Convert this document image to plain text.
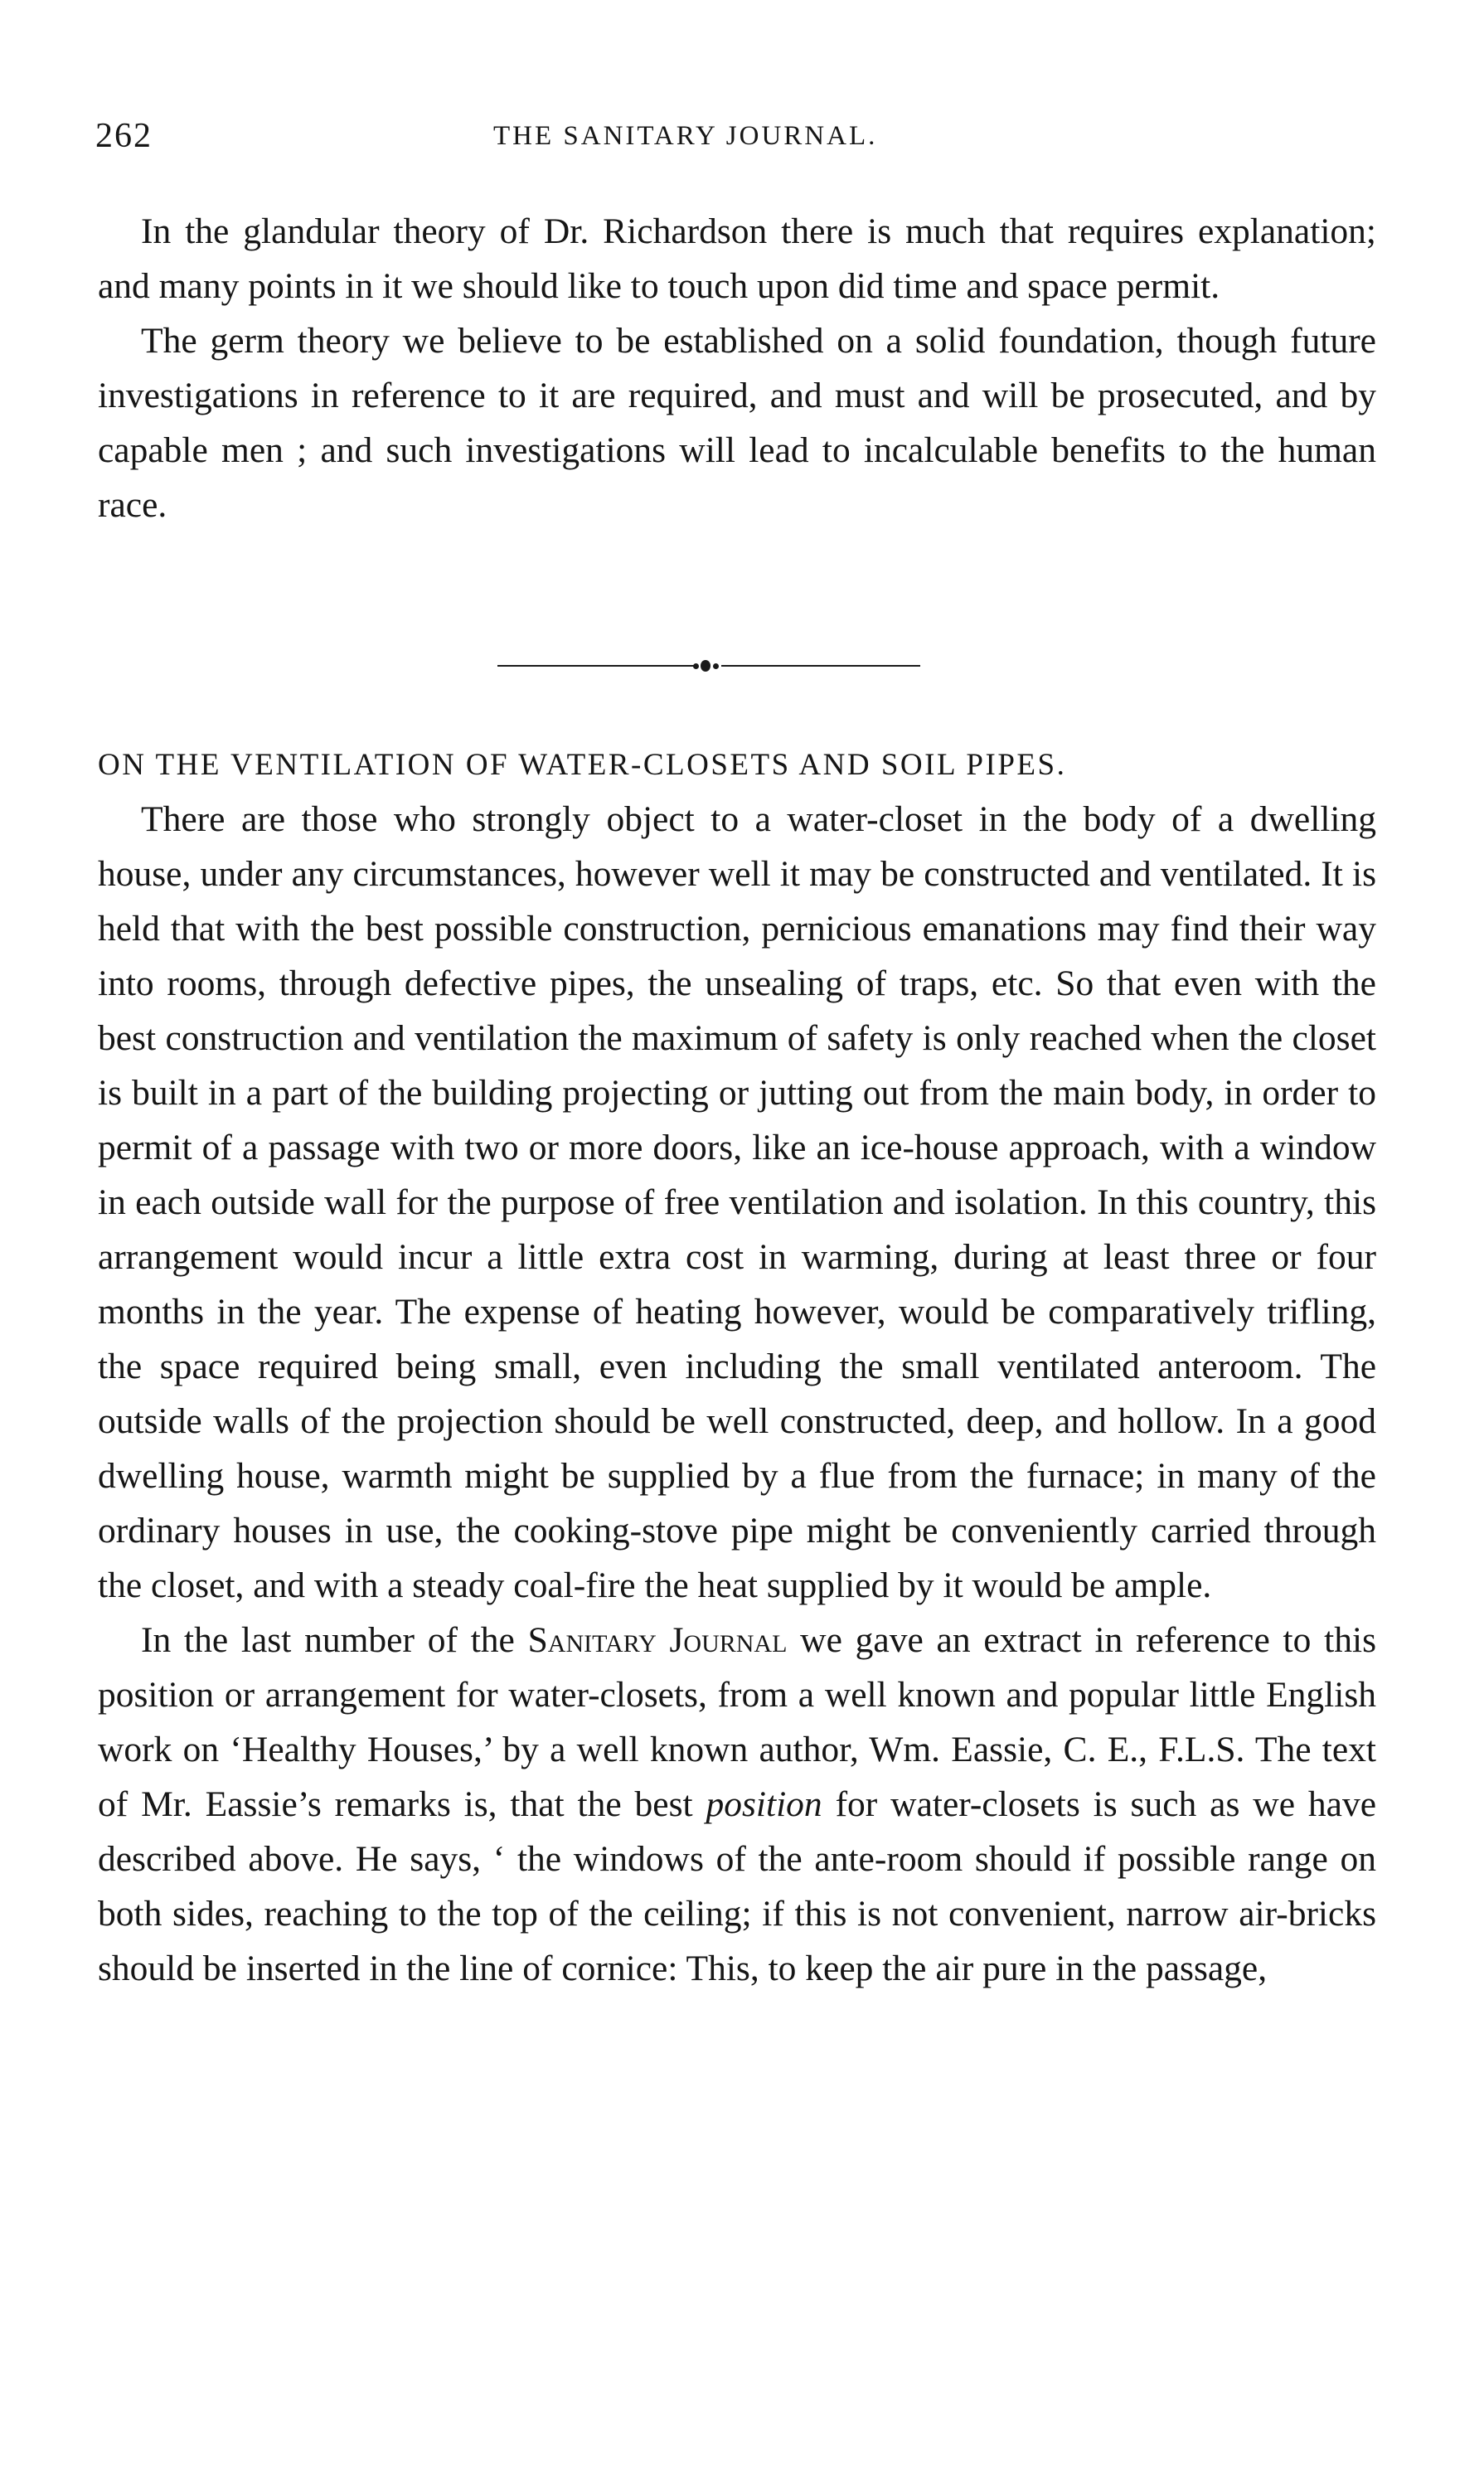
262	THE SANITARY JOURNAL.

In the glandular theory of Dr. Richardson there is much that requires explanation; and many points in it we should like to touch upon did time and space permit.

The germ theory we believe to be established on a solid foundation, though future investigations in reference to it are required, and must and will be prosecuted, and by capable men ; and such investigations will lead to incalculable benefits to the human race.

ON THE VENTILATION OF WATER-CLOSETS AND SOIL PIPES.

There are those who strongly object to a water-closet in the body of a dwelling house, under any circumstances, however well it may be constructed and ventilated. It is held that with the best possible construction, pernicious emanations may find their way into rooms, through defective pipes, the unsealing of traps, etc. So that even with the best construction and ventilation the maximum of safety is only reached when the closet is built in a part of the building projecting or jutting out from the main body, in order to permit of a passage with two or more doors, like an ice-house approach, with a window in each outside wall for the purpose of free ventilation and isolation. In this country, this arrangement would incur a little extra cost in warming, during at least three or four months in the year. The expense of heating however, would be comparatively trifling, the space required being small, even including the small ventilated anteroom. The outside walls of the projection should be well constructed, deep, and hollow. In a good dwelling house, warmth might be supplied by a flue from the furnace; in many of the ordinary houses in use, the cooking-stove pipe might be conveniently carried through the closet, and with a steady coal-fire the heat supplied by it would be ample.

In the last number of the Sanitary Journal we gave an extract in reference to this position or arrangement for water-closets, from a well known and popular little English work on ‘Healthy Houses,’ by a well known author, Wm. Eassie, C. E., F.L.S. The text of Mr. Eassie’s remarks is, that the best position for water-closets is such as we have described above. He says, ‘ the windows of the ante-room should if possible range on both sides, reaching to the top of the ceiling; if this is not convenient, narrow air-bricks should be inserted in the line of cornice: This, to keep the air pure in the passage,
